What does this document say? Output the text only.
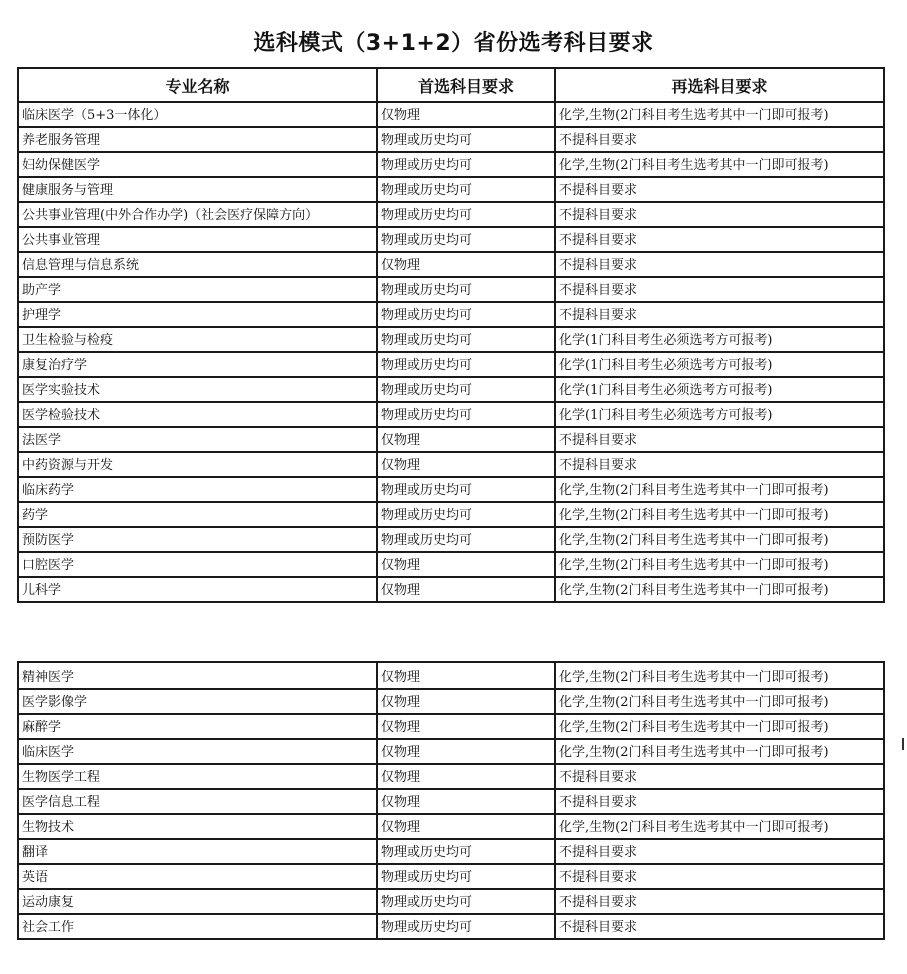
选科模式（3+1+2）省份选考科目要求
专业名称	首选科目要求	再选科目要求
临床医学（5+3一体化）	仅物理	化学,生物(2门科目考生选考其中一门即可报考)
养老服务管理	物理或历史均可	不提科目要求
妇幼保健医学	物理或历史均可	化学,生物(2门科目考生选考其中一门即可报考)
健康服务与管理	物理或历史均可	不提科目要求
公共事业管理(中外合作办学)（社会医疗保障方向）	物理或历史均可	不提科目要求
公共事业管理	物理或历史均可	不提科目要求
信息管理与信息系统	仅物理	不提科目要求
助产学	物理或历史均可	不提科目要求
护理学	物理或历史均可	不提科目要求
卫生检验与检疫	物理或历史均可	化学(1门科目考生必须选考方可报考)
康复治疗学	物理或历史均可	化学(1门科目考生必须选考方可报考)
医学实验技术	物理或历史均可	化学(1门科目考生必须选考方可报考)
医学检验技术	物理或历史均可	化学(1门科目考生必须选考方可报考)
法医学	仅物理	不提科目要求
中药资源与开发	仅物理	不提科目要求
临床药学	物理或历史均可	化学,生物(2门科目考生选考其中一门即可报考)
药学	物理或历史均可	化学,生物(2门科目考生选考其中一门即可报考)
预防医学	物理或历史均可	化学,生物(2门科目考生选考其中一门即可报考)
口腔医学	仅物理	化学,生物(2门科目考生选考其中一门即可报考)
儿科学	仅物理	化学,生物(2门科目考生选考其中一门即可报考)
精神医学	仅物理	化学,生物(2门科目考生选考其中一门即可报考)
医学影像学	仅物理	化学,生物(2门科目考生选考其中一门即可报考)
麻醉学	仅物理	化学,生物(2门科目考生选考其中一门即可报考)
临床医学	仅物理	化学,生物(2门科目考生选考其中一门即可报考)
生物医学工程	仅物理	不提科目要求
医学信息工程	仅物理	不提科目要求
生物技术	仅物理	化学,生物(2门科目考生选考其中一门即可报考)
翻译	物理或历史均可	不提科目要求
英语	物理或历史均可	不提科目要求
运动康复	物理或历史均可	不提科目要求
社会工作	物理或历史均可	不提科目要求
